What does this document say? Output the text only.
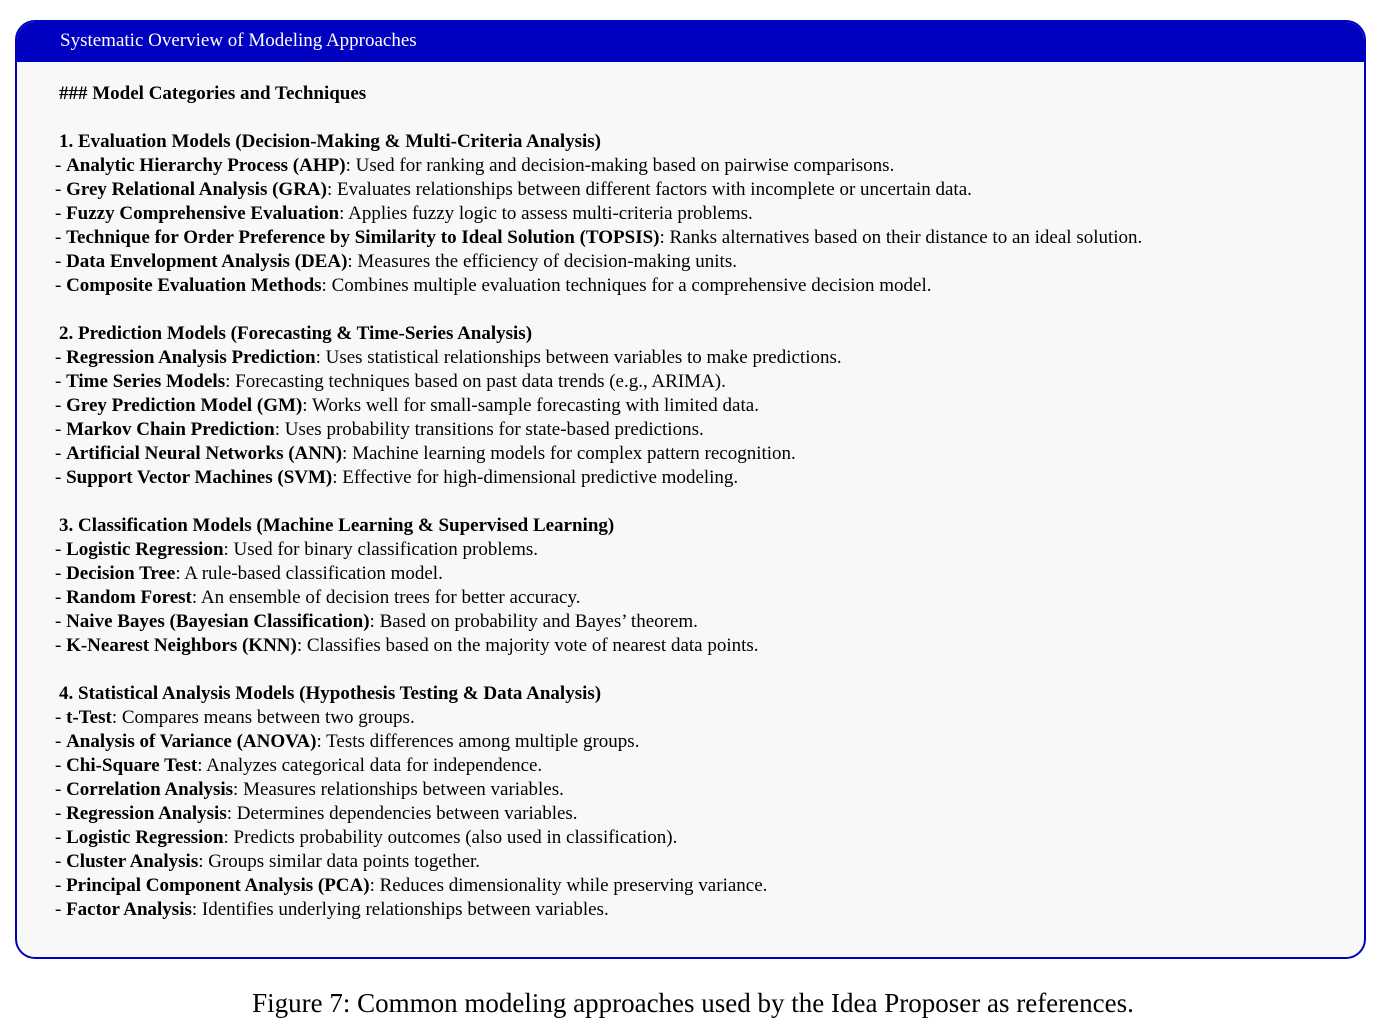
Systematic Overview of Modeling Approaches
### Model Categories and Techniques
1. Evaluation Models (Decision-Making & Multi-Criteria Analysis)
- Analytic Hierarchy Process (AHP): Used for ranking and decision-making based on pairwise comparisons.
- Grey Relational Analysis (GRA): Evaluates relationships between different factors with incomplete or uncertain data.
- Fuzzy Comprehensive Evaluation: Applies fuzzy logic to assess multi-criteria problems.
- Technique for Order Preference by Similarity to Ideal Solution (TOPSIS): Ranks alternatives based on their distance to an ideal solution.
- Data Envelopment Analysis (DEA): Measures the efficiency of decision-making units.
- Composite Evaluation Methods: Combines multiple evaluation techniques for a comprehensive decision model.
2. Prediction Models (Forecasting & Time-Series Analysis)
- Regression Analysis Prediction: Uses statistical relationships between variables to make predictions.
- Time Series Models: Forecasting techniques based on past data trends (e.g., ARIMA).
- Grey Prediction Model (GM): Works well for small-sample forecasting with limited data.
- Markov Chain Prediction: Uses probability transitions for state-based predictions.
- Artificial Neural Networks (ANN): Machine learning models for complex pattern recognition.
- Support Vector Machines (SVM): Effective for high-dimensional predictive modeling.
3. Classification Models (Machine Learning & Supervised Learning)
- Logistic Regression: Used for binary classification problems.
- Decision Tree: A rule-based classification model.
- Random Forest: An ensemble of decision trees for better accuracy.
- Naive Bayes (Bayesian Classification): Based on probability and Bayes’ theorem.
- K-Nearest Neighbors (KNN): Classifies based on the majority vote of nearest data points.
4. Statistical Analysis Models (Hypothesis Testing & Data Analysis)
- t-Test: Compares means between two groups.
- Analysis of Variance (ANOVA): Tests differences among multiple groups.
- Chi-Square Test: Analyzes categorical data for independence.
- Correlation Analysis: Measures relationships between variables.
- Regression Analysis: Determines dependencies between variables.
- Logistic Regression: Predicts probability outcomes (also used in classification).
- Cluster Analysis: Groups similar data points together.
- Principal Component Analysis (PCA): Reduces dimensionality while preserving variance.
- Factor Analysis: Identifies underlying relationships between variables.
Figure 7: Common modeling approaches used by the Idea Proposer as references.
